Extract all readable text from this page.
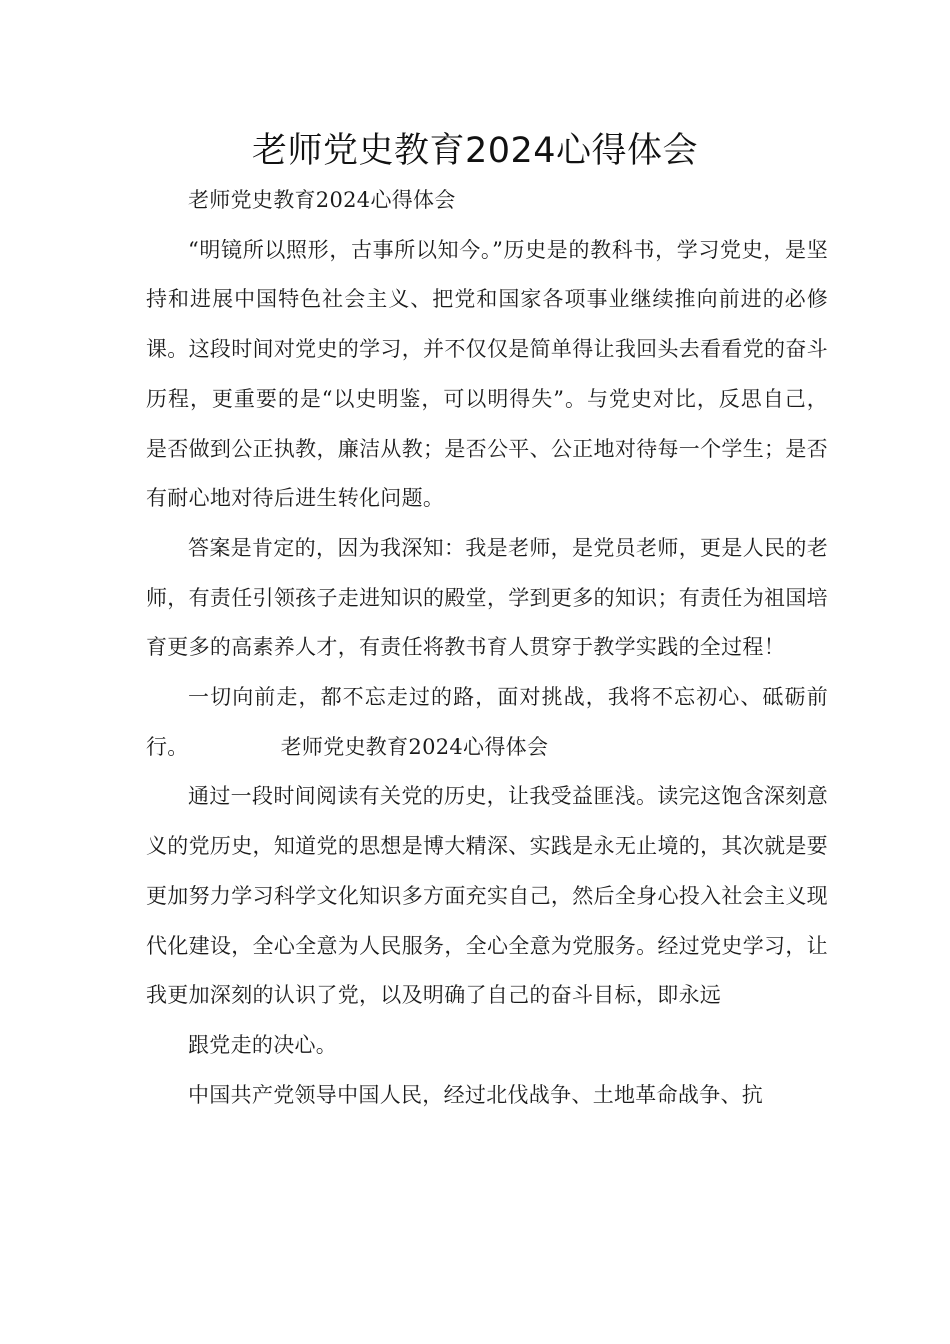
老师党史教育2024心得体会

老师党史教育2024心得体会

“明镜所以照形，古事所以知今。”历史是的教科书，学习党史，是坚持和进展中国特色社会主义、把党和国家各项事业继续推向前进的必修课。这段时间对党史的学习，并不仅仅是简单得让我回头去看看党的奋斗历程，更重要的是“以史明鉴，可以明得失”。与党史对比，反思自己，是否做到公正执教，廉洁从教；是否公平、公正地对待每一个学生；是否有耐心地对待后进生转化问题。

答案是肯定的，因为我深知：我是老师，是党员老师，更是人民的老师，有责任引领孩子走进知识的殿堂，学到更多的知识；有责任为祖国培育更多的高素养人才，有责任将教书育人贯穿于教学实践的全过程！

一切向前走，都不忘走过的路，面对挑战，我将不忘初心、砥砺前行。	老师党史教育2024心得体会

通过一段时间阅读有关党的历史，让我受益匪浅。读完这饱含深刻意义的党历史，知道党的思想是博大精深、实践是永无止境的，其次就是要更加努力学习科学文化知识多方面充实自己，然后全身心投入社会主义现代化建设，全心全意为人民服务，全心全意为党服务。经过党史学习，让我更加深刻的认识了党，以及明确了自己的奋斗目标，即永远

跟党走的决心。

中国共产党领导中国人民，经过北伐战争、土地革命战争、抗
